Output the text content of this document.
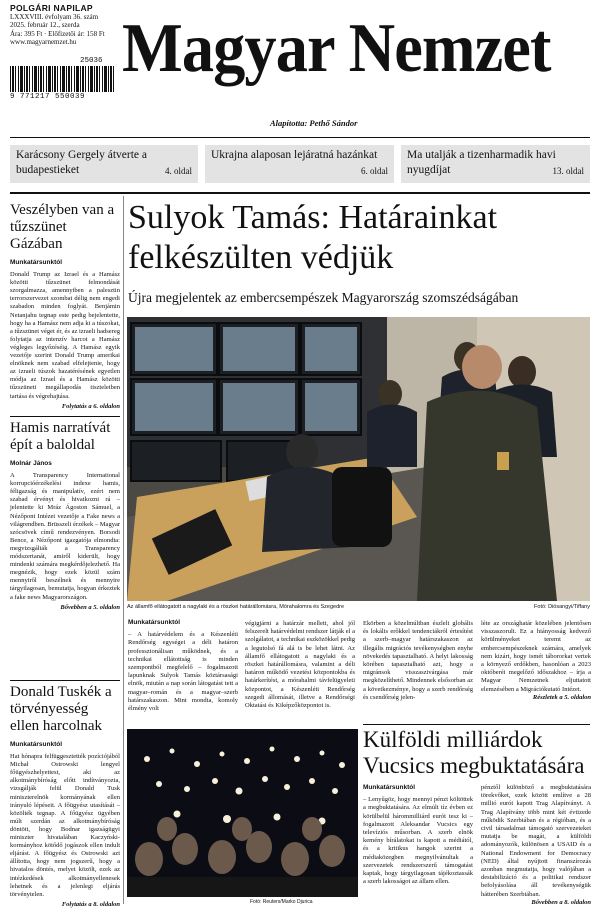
POLGÁRI NAPILAP
LXXXVIII. évfolyam 36. szám
2025. február 12., szerda
Ára: 395 Ft · Előfizetői ár: 158 Ft
www.magyarnemzet.hu
25036
9 771217 550039
Magyar Nemzet
Alapította: Pethő Sándor
Karácsony Gergely átverte a budapestieket	4. oldal
Ukrajna alaposan lejáratná hazánkat
6. oldal
Ma utalják a tizenharmadik havi nyugdíjat	13. oldal
Veszélyben van a tűzszünet Gázában
Munkatársunktól
Donald Trump az Izrael és a Hamász közötti tűzszünet felmondását szorgalmazza, amennyiben a palesztin terrorszervezet szombat délig nem engedi szabadon minden foglyát. Benjámin Netanjahu tegnap este pedig bejelentette, hogy ha a Hamász nem adja ki a túszokat, a tűzszünet véget ér, és az izraeli hadsereg folytatja az intenzív harcot a Hamász végleges legyőzéséig. A Hamász egyik vezetője szerint Donald Trump amerikai elnöknek nem szabad elfelejtenie, hogy az izraeli túszok hazatérésének egyetlen módja az Izrael és a Hamász közötti tűzszüneti megállapodás tiszteletben tartása és végrehajtása.
Folytatás a 6. oldalon
Hamis narratívát épít a baloldal
Molnár János
A Transparency International korrupcióérzékelési indexe hamis, féligazság és manipulatív, ezért nem szabad érvényt és hivatkozni rá – jelentette ki Mráz Ágoston Sámuel, a Nézőpont Intézet vezetője a Fake news a világrendben. Brüsszeli érzékek – Magyar szócsövek című rendezvényen. Borsodi Bence, a Nézőpont igazgatója elmondta: megvizsgálták a Transparency módszertanát, amiről kiderült, hogy mindenki számára megkérdőjelezhető. Ha megnézik, hogy ezek közül szám mennyiről beszélnek és mennyire tárgyilagosan, bemutatja, hogyan érkeztek a fake news Magyarországon.
Bővebben a 5. oldalon
Donald Tuskék a törvényesség ellen harcolnak
Munkatársunktól
Hat hónapra felfüggesztették pozíciójából Michał Ostrowski lengyel főügyészhelyettest, aki az alkotmánybíróság előtt indítványozta, vizsgálják felül Donald Tusk miniszterelnök kormányának ellen irányuló lépéseit. A főügyész utasítását – közölték tegnap. A főügyész ügyében múlt szerdán az alkotmánybíróság döntött, hogy Bodnar igazságügyi miniszter hivatalában Kaczyński-kormányhoz kötődő jogászok ellen indult eljárást. A főügyész és Ostrowski azt állította, hogy nem jogszerű, hogy a hivatalos döntés, melyet közölt, ezek az intézkedések alkotmányellenesek lehetnek és a jelenlegi eljárás törvénytelen.
Folytatás a 8. oldalon
Sulyok Tamás: Határainkat felkészülten védjük
Újra megjelentek az embercsempészek Magyarország szomszédságában
Az államfő ellátogatott a nagylaki és a röszkei határállomásra, Mórahalomra és Szegedre	Fotó: Diósangyi/Tiffany
Munkatársunktól
– A határvédelem és a Készenléti Rendőrség egységei a déli határon professzionálisan működnek, és a technikai ellátottság is minden szempontból megfelelő – fogalmazott lapunknak Sulyok Tamás köztársasági elnök, miután a nap során látogatást tett a magyar–román és a magyar–szerb határszakaszon. Mint mondta, komoly élmény volt
végigjárni a határzár mellett, ahol jól felszerelt határvédelmi rendszer látják el a szolgálatot, a technikai eszközökkel pedig a legutolsó fá alá is be lehet látni. Az államfő ellátogatott a nagylaki és a röszkei határállomásra, valamint a déli határon működő vezetési központokba és határkerítést, a mórahalmi távfelügyeleti központot, a Készenléti Rendőrség szegedi állomását, illetve a Rendőrségi Oktatási és Kiképzőközpontot is.
Ekörben a közelmúltban észlelt globális és lokális erőkkel tendenciákról értesítést a szerb–magyar határszakaszon az illegális migrációs tevékenységben enyhe növekedés tapasztalható. A helyi lakosság körében tapasztalható azt, hogy a migránsok visszaszivárgása már megközelíthető. Mindennek elsősorban az a következménye, hogy a szerb rendőrség és csendőrség jelen-
léte az országhatár közelében jelentősen visszaszorult. Ez a hiányosság kedvező körülményeket teremt az embercsempészeknek számára, amelyek nem kizárt, hogy ismét tábororkat vertek a környező erdőkben, hasonlóan a 2023 októberéi megelőző időszakhoz – írja a Magyar Nemzetnek eljuttatott elemzésében a Migrációkutató Intézet.
Részletek a 5. oldalon
Fotó: Reuters/Marko Djurica
Külföldi milliárdok Vucsics megbuktatására
Munkatársunktól
– Lenyűgöz, hogy mennyi pénzt költöttek a megbuktatására. Az elmúlt tíz évben ez körülbelül hárommilliárd eurót tesz ki – fogalmazott Aleksandar Vucsics egy televíziós műsorban. A szerb elnök kemény bírálatokat is kapott a médiától, és a kritikus hangok szerint a médiaközegben megnyilvánultak a szervezetek rendszerszerű támogatást kaptak, hogy tárgyilagosan tájékoztassák a szerb lakosságot az állam ellen.
pénztől különböző a megbuktatására törekvőket, ezek között említve a 28 millió eurót kapott Trag Alapítványt. A Trag Alapítvány több mint két évtizede működik Szerbiában és a régióban, és a civil társadalmat támogató szervezeteket mutatja be magát, a külföldi adományozók, különösen a USAID és a National Endowment for Democracy (NED) által nyújtott finanszírozás azonban megmutatja, hogy valójában a destabilizáció és a politikai rendszer befolyásolása áll tevékenységük hátterében Szerbiában.
Bővebben a 8. oldalon
